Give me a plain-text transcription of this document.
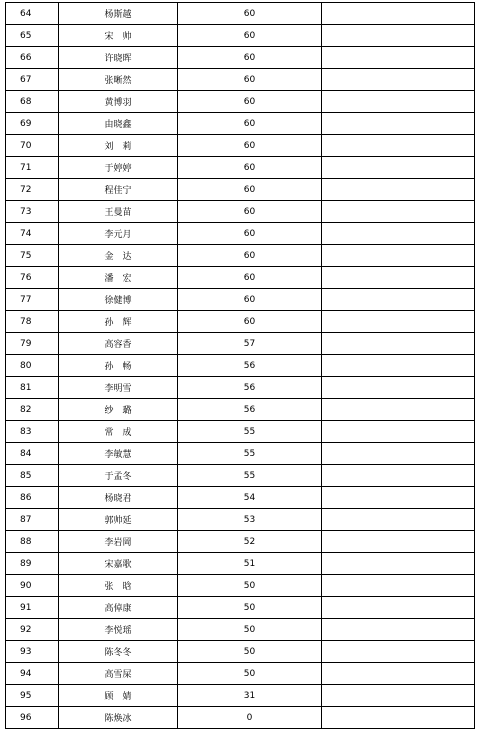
64	杨斯越	60	
65	宋　帅	60	
66	许晓晖	60	
67	张晰然	60	
68	黄博羽	60	
69	由晓鑫	60	
70	刘　莉	60	
71	于婷婷	60	
72	程佳宁	60	
73	王曼苗	60	
74	李元月	60	
75	金　达	60	
76	潘　宏	60	
77	徐健博	60	
78	孙　辉	60	
79	高容香	57	
80	孙　畅	56	
81	李明雪	56	
82	纱　璐	56	
83	常　成	55	
84	李敏慧	55	
85	于孟冬	55	
86	杨晓君	54	
87	郭帅延	53	
88	李岩岡	52	
89	宋嘉歌	51	
90	张　晗	50	
91	高倬康	50	
92	李悦瑶	50	
93	陈冬冬	50	
94	高雪屎	50	
95	顾　婧	31	
96	陈焕冰	0	
